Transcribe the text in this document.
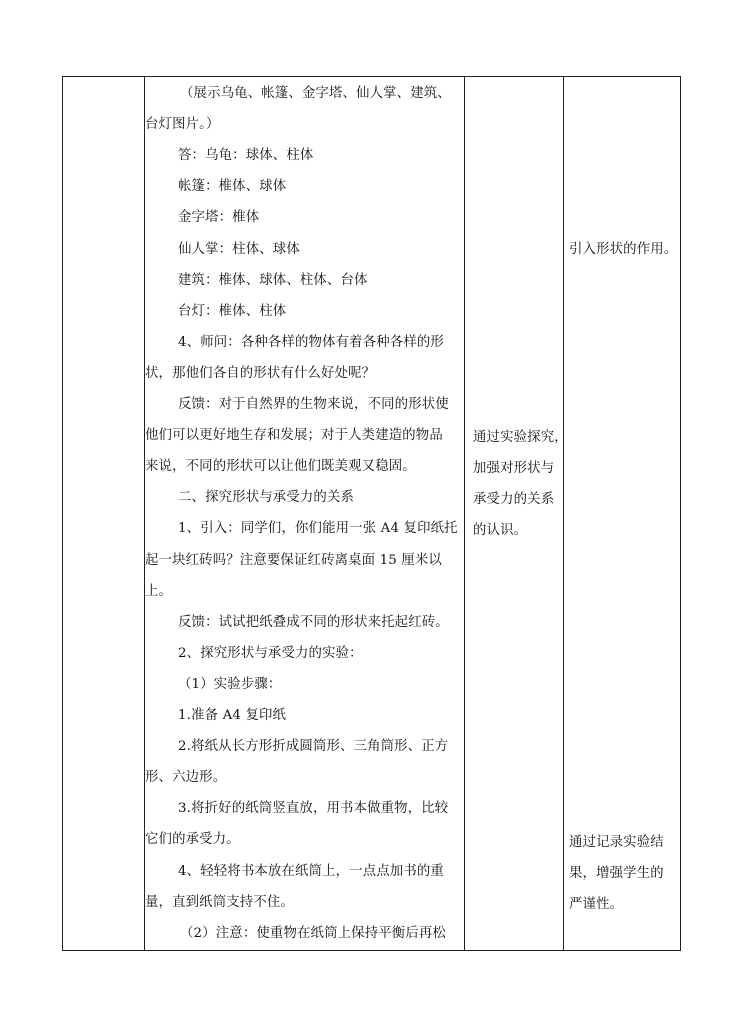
（展示乌龟、帐篷、金字塔、仙人掌、建筑、
台灯图片。）
答：乌龟：球体、柱体
帐篷：椎体、球体
金字塔：椎体
仙人掌：柱体、球体
建筑：椎体、球体、柱体、台体
台灯：椎体、柱体
4、师问：各种各样的物体有着各种各样的形
状，那他们各自的形状有什么好处呢？
反馈：对于自然界的生物来说，不同的形状使
他们可以更好地生存和发展；对于人类建造的物品
来说，不同的形状可以让他们既美观又稳固。
二、探究形状与承受力的关系
1、引入：同学们，你们能用一张 A4 复印纸托
起一块红砖吗？注意要保证红砖离桌面 15 厘米以
上。
反馈：试试把纸叠成不同的形状来托起红砖。
2、探究形状与承受力的实验：
（1）实验步骤：
1.准备 A4 复印纸
2.将纸从长方形折成圆筒形、三角筒形、正方
形、六边形。
3.将折好的纸筒竖直放，用书本做重物，比较
它们的承受力。
4、轻轻将书本放在纸筒上，一点点加书的重
量，直到纸筒支持不住。
（2）注意：使重物在纸筒上保持平衡后再松
通过实验探究，
加强对形状与
承受力的关系
的认识。
引入形状的作用。
通过记录实验结
果，增强学生的
严谨性。
